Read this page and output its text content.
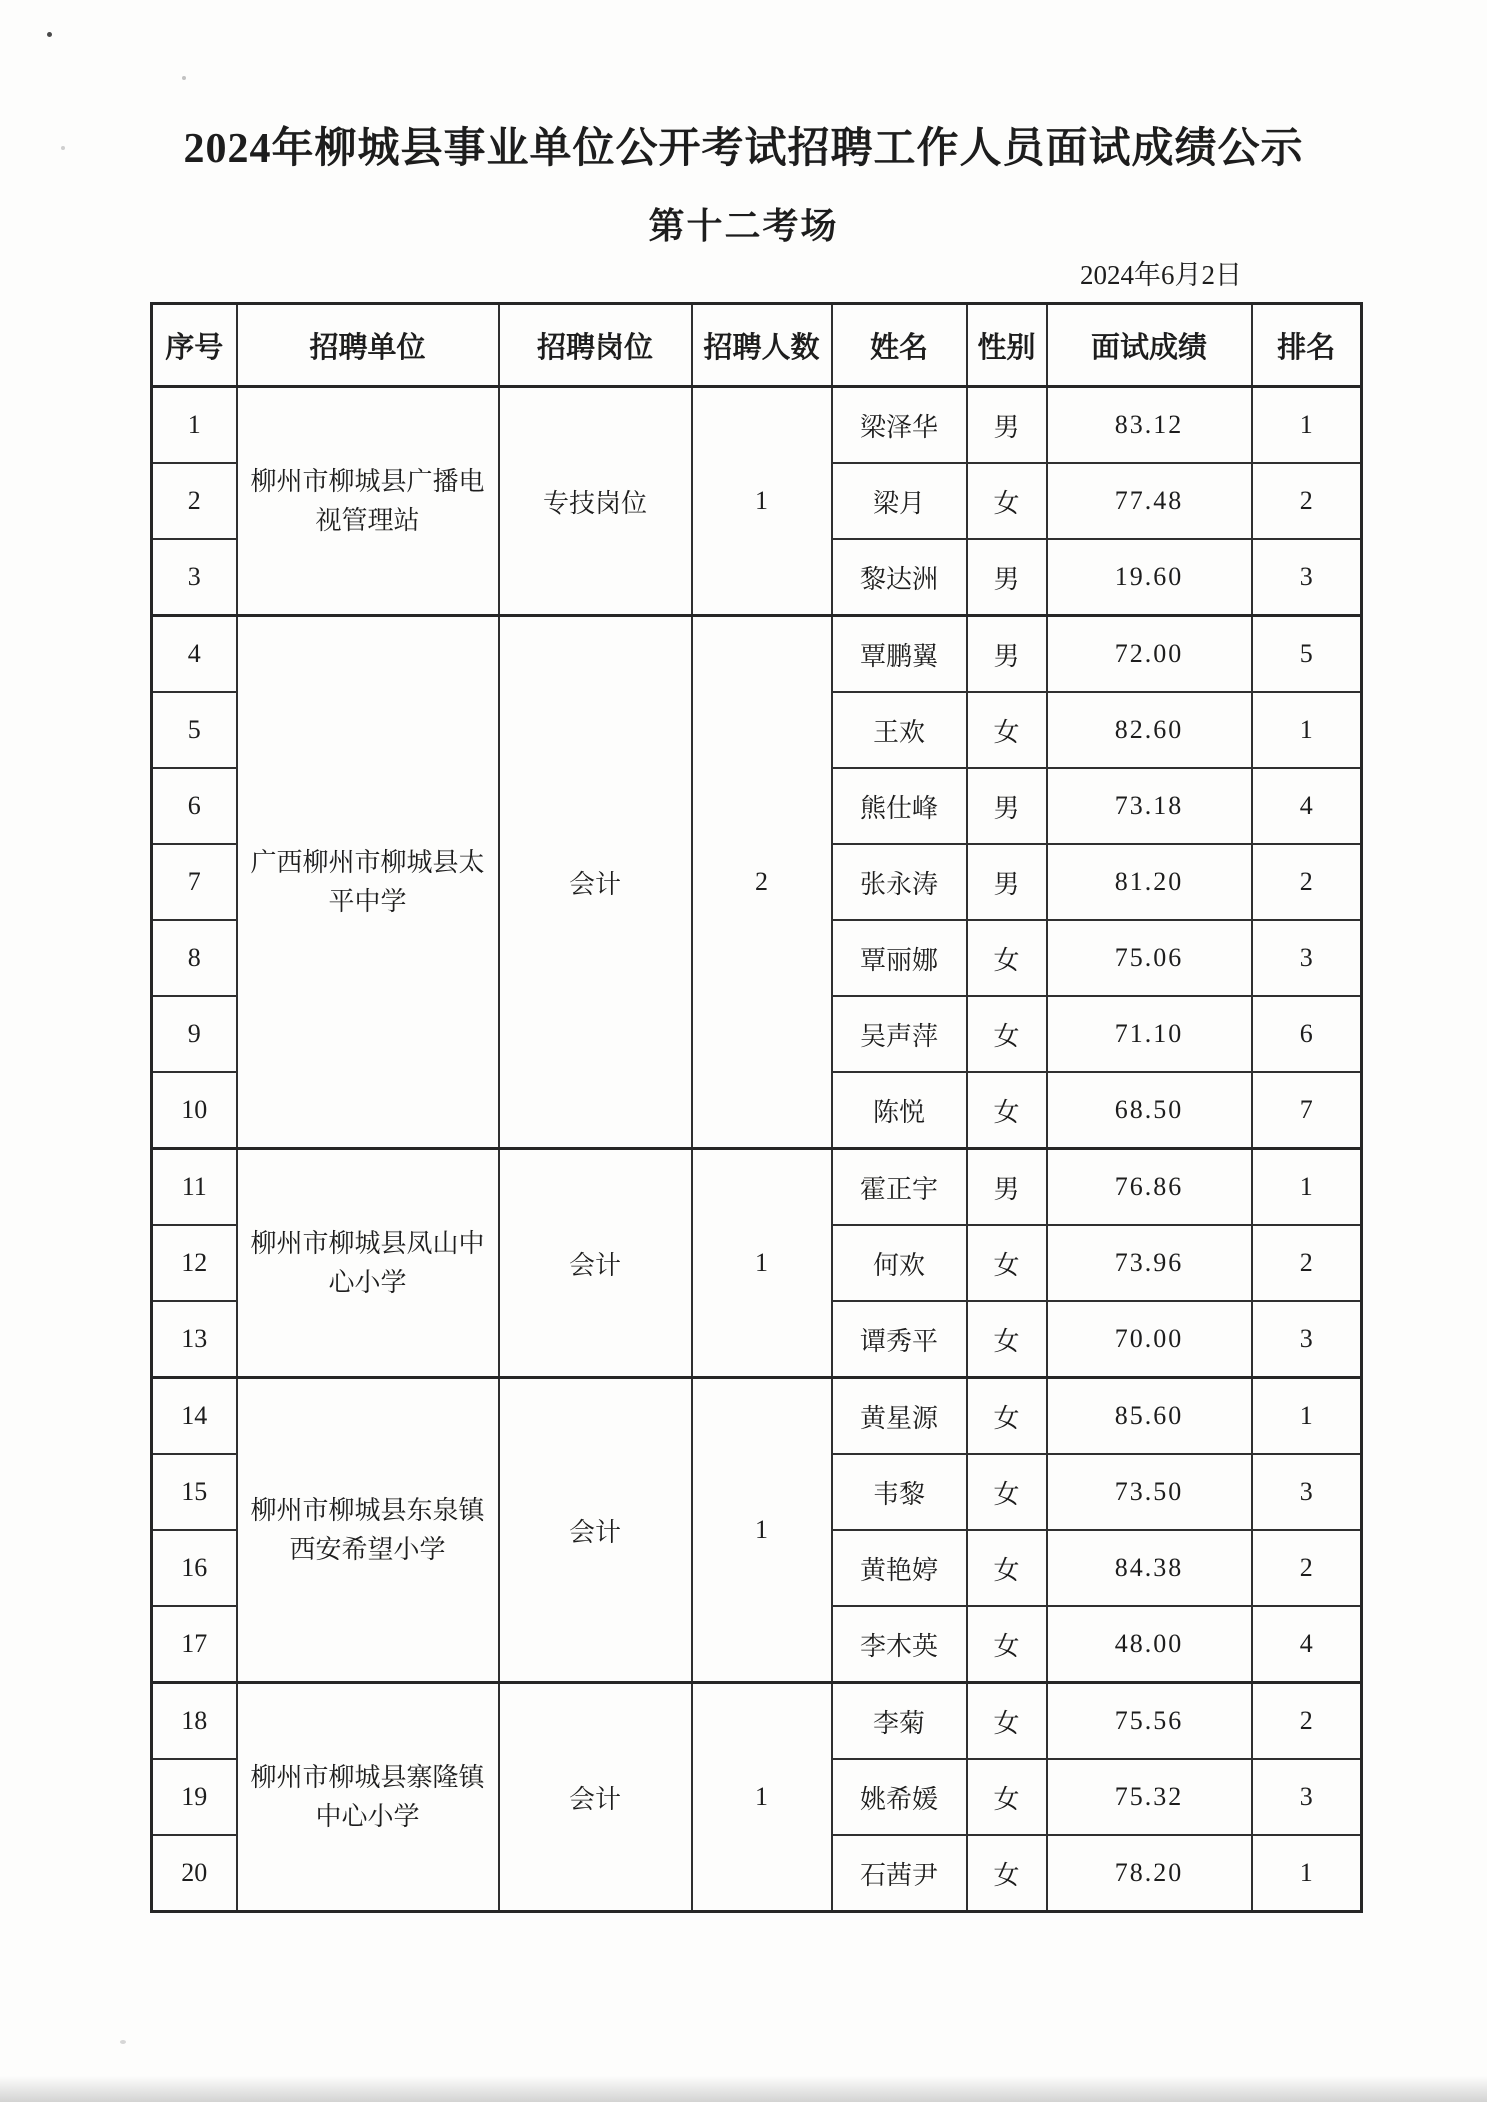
2024年柳城县事业单位公开考试招聘工作人员面试成绩公示
第十二考场
2024年6月2日
序号	招聘单位	招聘岗位	招聘人数	姓名	性别	面试成绩	排名
1	柳州市柳城县广播电视管理站	专技岗位	1	梁泽华	男	83.12	1
2				梁月	女	77.48	2
3				黎达洲	男	19.60	3
4	广西柳州市柳城县太平中学	会计	2	覃鹏翼	男	72.00	5
5				王欢	女	82.60	1
6				熊仕峰	男	73.18	4
7				张永涛	男	81.20	2
8				覃丽娜	女	75.06	3
9				吴声萍	女	71.10	6
10				陈悦	女	68.50	7
11	柳州市柳城县凤山中心小学	会计	1	霍正宇	男	76.86	1
12				何欢	女	73.96	2
13				谭秀平	女	70.00	3
14	柳州市柳城县东泉镇西安希望小学	会计	1	黄星源	女	85.60	1
15				韦黎	女	73.50	3
16				黄艳婷	女	84.38	2
17				李木英	女	48.00	4
18	柳州市柳城县寨隆镇中心小学	会计	1	李菊	女	75.56	2
19				姚希媛	女	75.32	3
20				石茜尹	女	78.20	1
